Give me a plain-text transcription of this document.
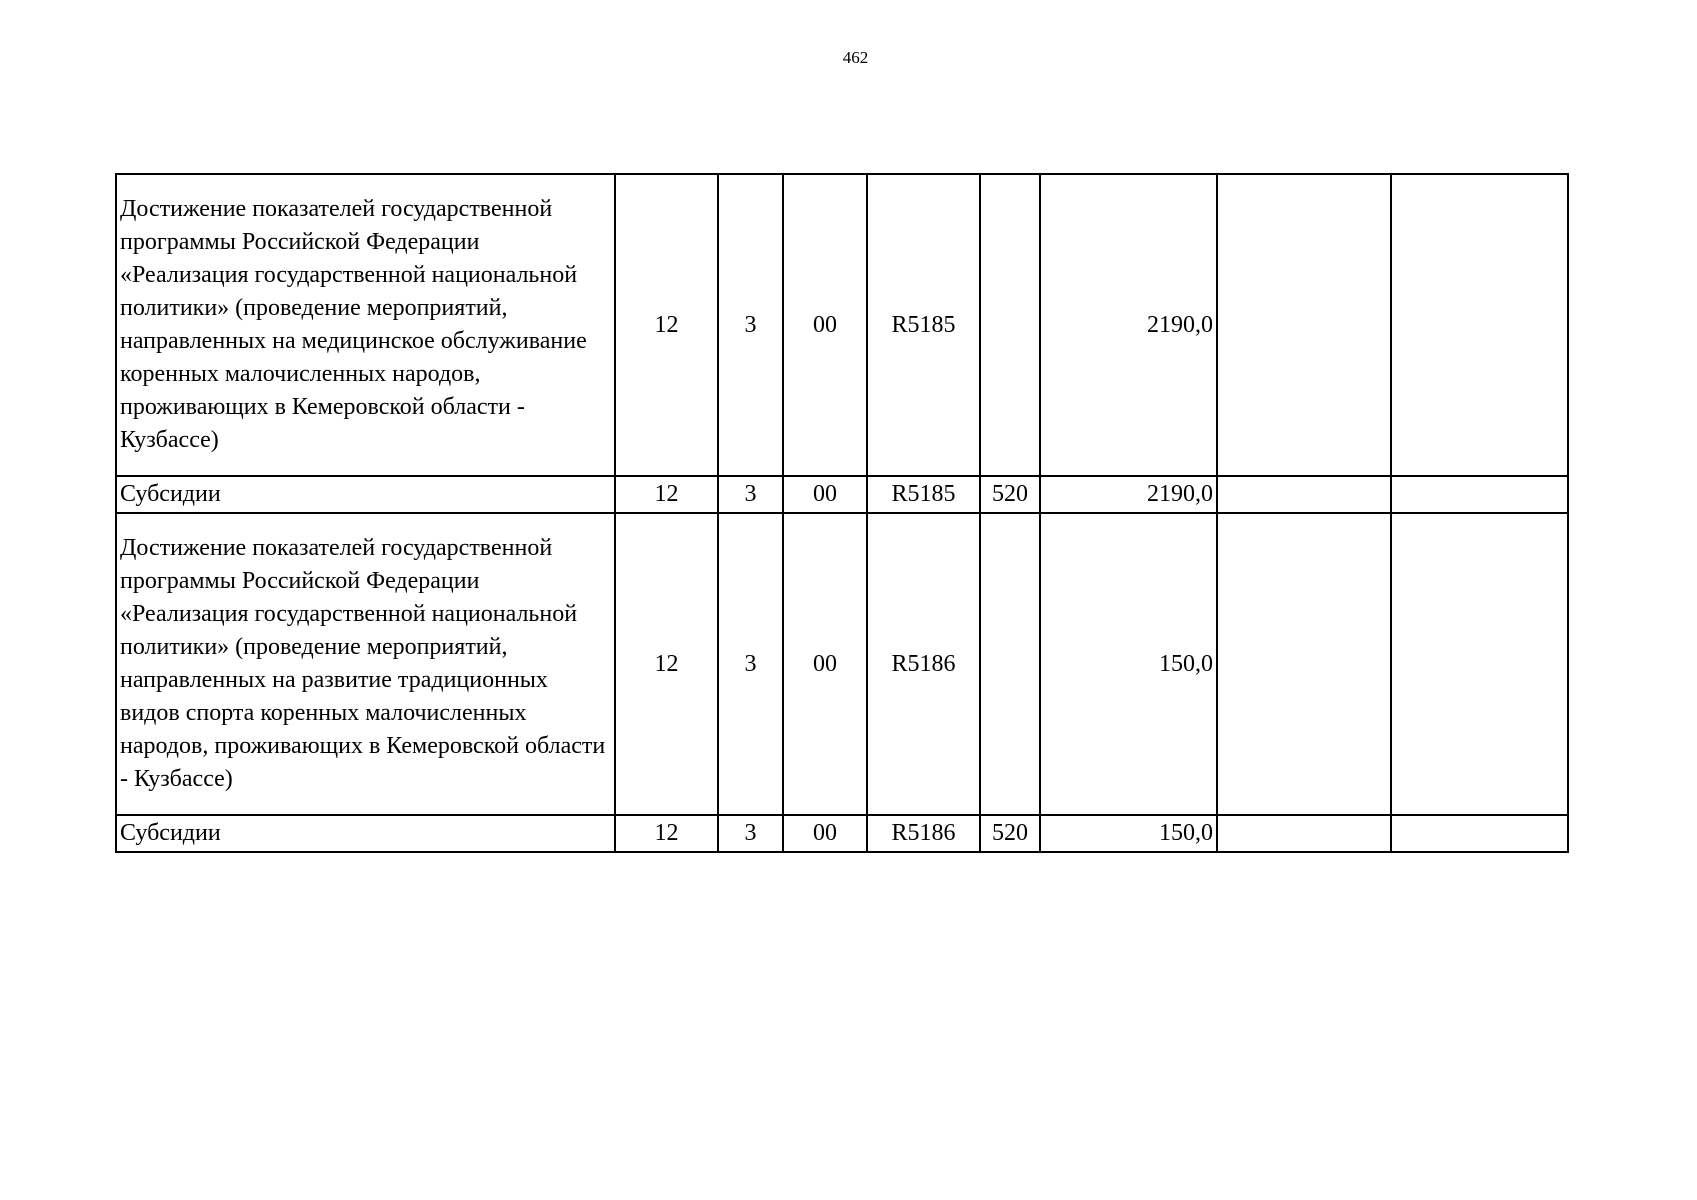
462
Достижение показателей государственной программы Российской Федерации «Реализация государственной национальной политики» (проведение мероприятий, направленных на медицинское обслуживание коренных малочисленных народов, проживающих в Кемеровской области - Кузбассе)	12	3	00	R5185		2190,0		
Субсидии	12	3	00	R5185	520	2190,0		
Достижение показателей государственной программы Российской Федерации «Реализация государственной национальной политики» (проведение мероприятий, направленных на развитие традиционных видов спорта коренных малочисленных народов, проживающих в Кемеровской области - Кузбассе)	12	3	00	R5186		150,0		
Субсидии	12	3	00	R5186	520	150,0		
